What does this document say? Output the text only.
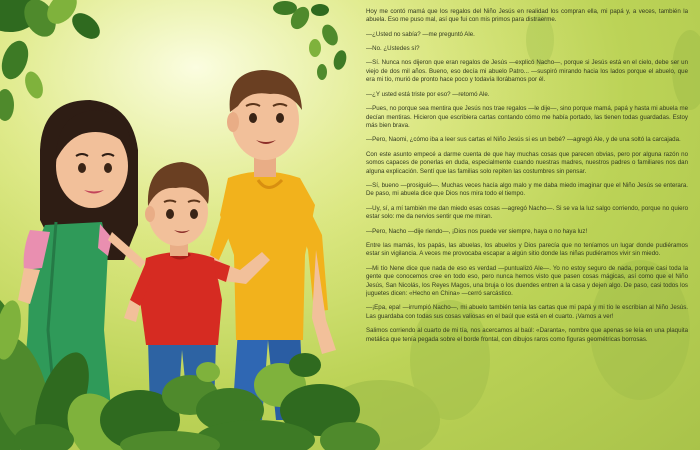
Hoy me contó mamá que los regalos del Niño Jesús en realidad los compran ella, mi papá y, a veces, también la abuela. Eso me puso mal, así que fui con mis primos para distraerme.

—¿Usted no sabía? —me preguntó Ale.

—No. ¿Ustedes sí?

—Sí. Nunca nos dijeron que eran regalos de Jesús —explicó Nacho—, porque si Jesús está en el cielo, debe ser un viejo de dos mil años. Bueno, eso decía mi abuelo Patro... —suspiró mirando hacia los lados porque el abuelo, que era mi tío, murió de pronto hace poco y todavía llorábamos por él.

—¿Y usted está triste por eso? —retomó Ale.

—Pues, no porque sea mentira que Jesús nos trae regalos —le dije—, sino porque mamá, papá y hasta mi abuela me decían mentiras. Hicieron que escribiera cartas contando cómo me había portado, las tienen todas guardadas. Estoy más bien brava.

—Pero, Naomi, ¿cómo iba a leer sus cartas el Niño Jesús si es un bebé? —agregó Ale, y de una soltó la carcajada.

Con este asunto empecé a darme cuenta de que hay muchas cosas que parecen obvias, pero por alguna razón no somos capaces de ponerlas en duda, especialmente cuando nuestras madres, nuestros padres o familiares nos dan alguna explicación. Sentí que las familias solo repiten las costumbres sin pensar.

—Sí, bueno —prosiguió—. Muchas veces hacía algo malo y me daba miedo imaginar que el Niño Jesús se enterara. De paso, mi abuela dice que Dios nos mira todo el tiempo.

—Uy, sí, a mí también me dan miedo esas cosas —agregó Nacho—. Si se va la luz salgo corriendo, porque no quiero estar solo: me da nervios sentir que me miran.

—Pero, Nacho —dije riendo—, ¡Dios nos puede ver siempre, haya o no haya luz!

Entre las mamás, los papás, las abuelas, los abuelos y Dios parecía que no teníamos un lugar donde pudiéramos estar sin vigilancia. A veces me provocaba escapar a algún sitio donde las niñas pudiéramos vivir sin miedo.

—Mi tío Nene dice que nada de eso es verdad —puntualizó Ale—. Yo no estoy seguro de nada, porque casi toda la gente que conocemos cree en todo eso, pero nunca hemos visto que pasen cosas mágicas, así como que el Niño Jesús, San Nicolás, los Reyes Magos, una bruja o los duendes entren a la casa y dejen algo. De paso, casi todos los juguetes dicen: «Hecho en China» —cerró sarcástico.

—¡Epa, epa! —irrumpió Nacho—, mi abuelo también tenía las cartas que mi papá y mi tío le escribían al Niño Jesús. Las guardaba con todas sus cosas valiosas en el baúl que está en el cuarto. ¡Vamos a ver!

Salimos corriendo al cuarto de mi tía, nos acercamos al baúl: «Daranta», nombre que apenas se leía en una plaquita metálica que tenía pegada sobre el borde frontal, con dibujos raros como figuras geométricas borrosas.
